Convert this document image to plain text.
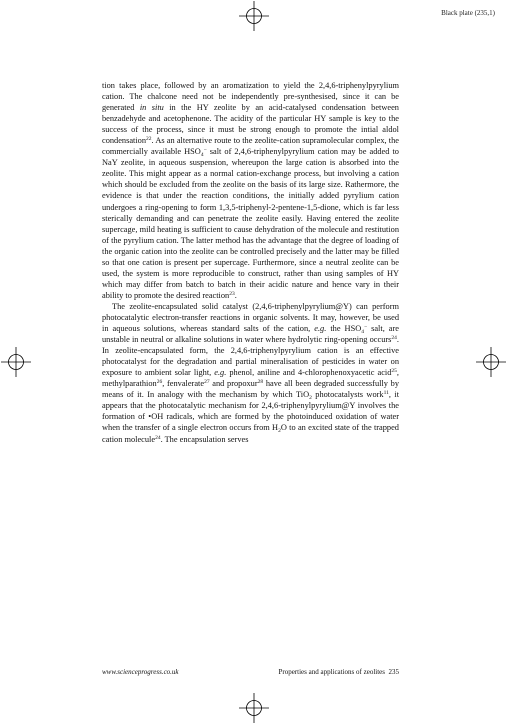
Black plate (235,1)

tion takes place, followed by an aromatization to yield the 2,4,6-triphenylpyrylium cation. The chalcone need not be independently pre-synthesised, since it can be generated in situ in the HY zeolite by an acid-catalysed condensation between benzadehyde and acetophenone. The acidity of the particular HY sample is key to the success of the process, since it must be strong enough to promote the intial aldol condensation$^{22}$. As an alternative route to the zeolite-cation supramolecular complex, the commercially available $HSO_4^-$ salt of 2,4,6-triphenylpyrylium cation may be added to NaY zeolite, in aqueous suspension, whereupon the large cation is absorbed into the zeolite. This might appear as a normal cation-exchange process, but involving a cation which should be excluded from the zeolite on the basis of its large size. Rathermore, the evidence is that under the reaction conditions, the initially added pyrylium cation undergoes a ring-opening to form 1,3,5-triphenyl-2-pentene-1,5-dione, which is far less sterically demanding and can penetrate the zeolite easily. Having entered the zeolite supercage, mild heating is sufficient to cause dehydration of the molecule and restitution of the pyrylium cation. The latter method has the advantage that the degree of loading of the organic cation into the zeolite can be controlled precisely and the latter may be filled so that one cation is present per supercage. Furthermore, since a neutral zeolite can be used, the system is more reproducible to construct, rather than using samples of HY which may differ from batch to batch in their acidic nature and hence vary in their ability to promote the desired reaction$^{23}$.

The zeolite-encapsulated solid catalyst (2,4,6-triphenylpyrylium@Y) can perform photocatalytic electron-transfer reactions in organic solvents. It may, however, be used in aqueous solutions, whereas standard salts of the cation, e.g. the $HSO_4^-$ salt, are unstable in neutral or alkaline solutions in water where hydrolytic ring-opening occurs$^{24}$. In zeolite-encapsulated form, the 2,4,6-triphenylpyrylium cation is an effective photocatalyst for the degradation and partial mineralisation of pesticides in water on exposure to ambient solar light, e.g. phenol, aniline and 4-chlorophenoxyacetic acid$^{25}$, methylparathion$^{26}$, fenvalerate$^{27}$ and propoxur$^{28}$ have all been degraded successfully by means of it. In analogy with the mechanism by which TiO$_2$ photocatalysts work$^{11}$, it appears that the photocatalytic mechanism for 2,4,6-triphenylpyrylium@Y involves the formation of •OH radicals, which are formed by the photoinduced oxidation of water when the transfer of a single electron occurs from $H_2O$ to an excited state of the trapped cation molecule$^{24}$. The encapsulation serves

www.scienceprogress.co.uk	Properties and applications of zeolites 235
